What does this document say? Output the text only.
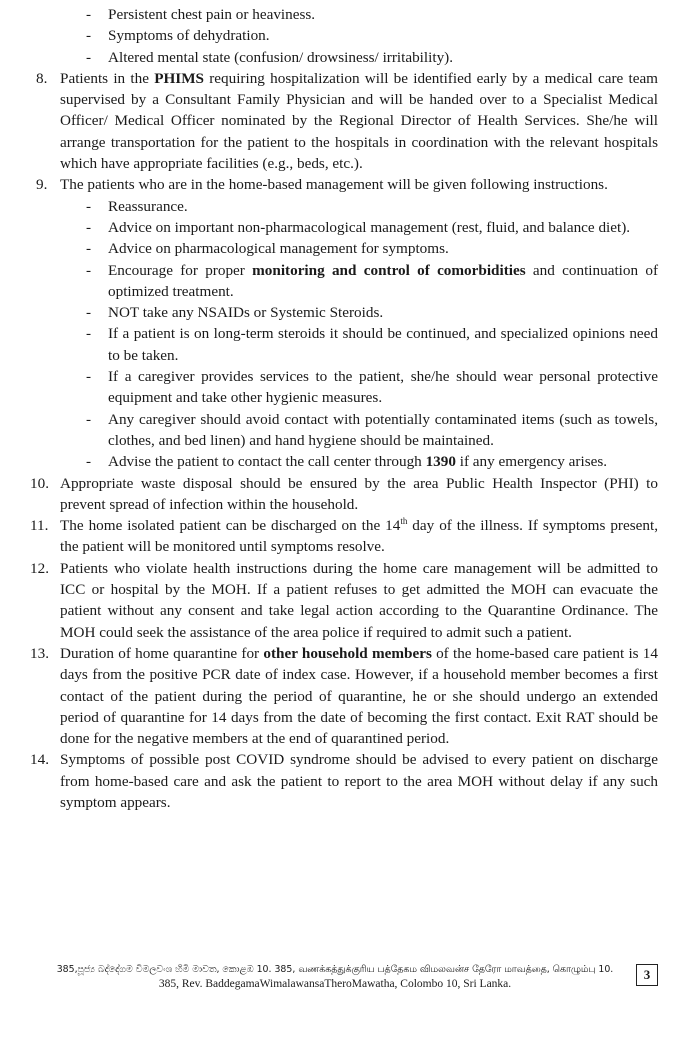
- Persistent chest pain or heaviness.
- Symptoms of dehydration.
- Altered mental state (confusion/ drowsiness/ irritability).
8. Patients in the PHIMS requiring hospitalization will be identified early by a medical care team supervised by a Consultant Family Physician and will be handed over to a Specialist Medical Officer/ Medical Officer nominated by the Regional Director of Health Services. She/he will arrange transportation for the patient to the hospitals in coordination with the relevant hospitals which have appropriate facilities (e.g., beds, etc.).
9. The patients who are in the home-based management will be given following instructions.
- Reassurance.
- Advice on important non-pharmacological management (rest, fluid, and balance diet).
- Advice on pharmacological management for symptoms.
- Encourage for proper monitoring and control of comorbidities and continuation of optimized treatment.
- NOT take any NSAIDs or Systemic Steroids.
- If a patient is on long-term steroids it should be continued, and specialized opinions need to be taken.
- If a caregiver provides services to the patient, she/he should wear personal protective equipment and take other hygienic measures.
- Any caregiver should avoid contact with potentially contaminated items (such as towels, clothes, and bed linen) and hand hygiene should be maintained.
- Advise the patient to contact the call center through 1390 if any emergency arises.
10. Appropriate waste disposal should be ensured by the area Public Health Inspector (PHI) to prevent spread of infection within the household.
11. The home isolated patient can be discharged on the 14th day of the illness. If symptoms present, the patient will be monitored until symptoms resolve.
12. Patients who violate health instructions during the home care management will be admitted to ICC or hospital by the MOH. If a patient refuses to get admitted the MOH can evacuate the patient without any consent and take legal action according to the Quarantine Ordinance. The MOH could seek the assistance of the area police if required to admit such a patient.
13. Duration of home quarantine for other household members of the home-based care patient is 14 days from the positive PCR date of index case. However, if a household member becomes a first contact of the patient during the period of quarantine, he or she should undergo an extended period of quarantine for 14 days from the date of becoming the first contact. Exit RAT should be done for the negative members at the end of quarantined period.
14. Symptoms of possible post COVID syndrome should be advised to every patient on discharge from home-based care and ask the patient to report to the area MOH without delay if any such symptom appears.
385,පූජ්‍ය බද්දේගම විමලවංශ හිමි මාවත, කොළඹ 10. 385, வணக்கத்துக்குரிய பத்தேகம விமலவன்ச தேரோ மாவத்தை, கொழும்பு 10.
385, Rev. BaddegamaWimalawansaTheroMawatha, Colombo 10, Sri Lanka.
3
